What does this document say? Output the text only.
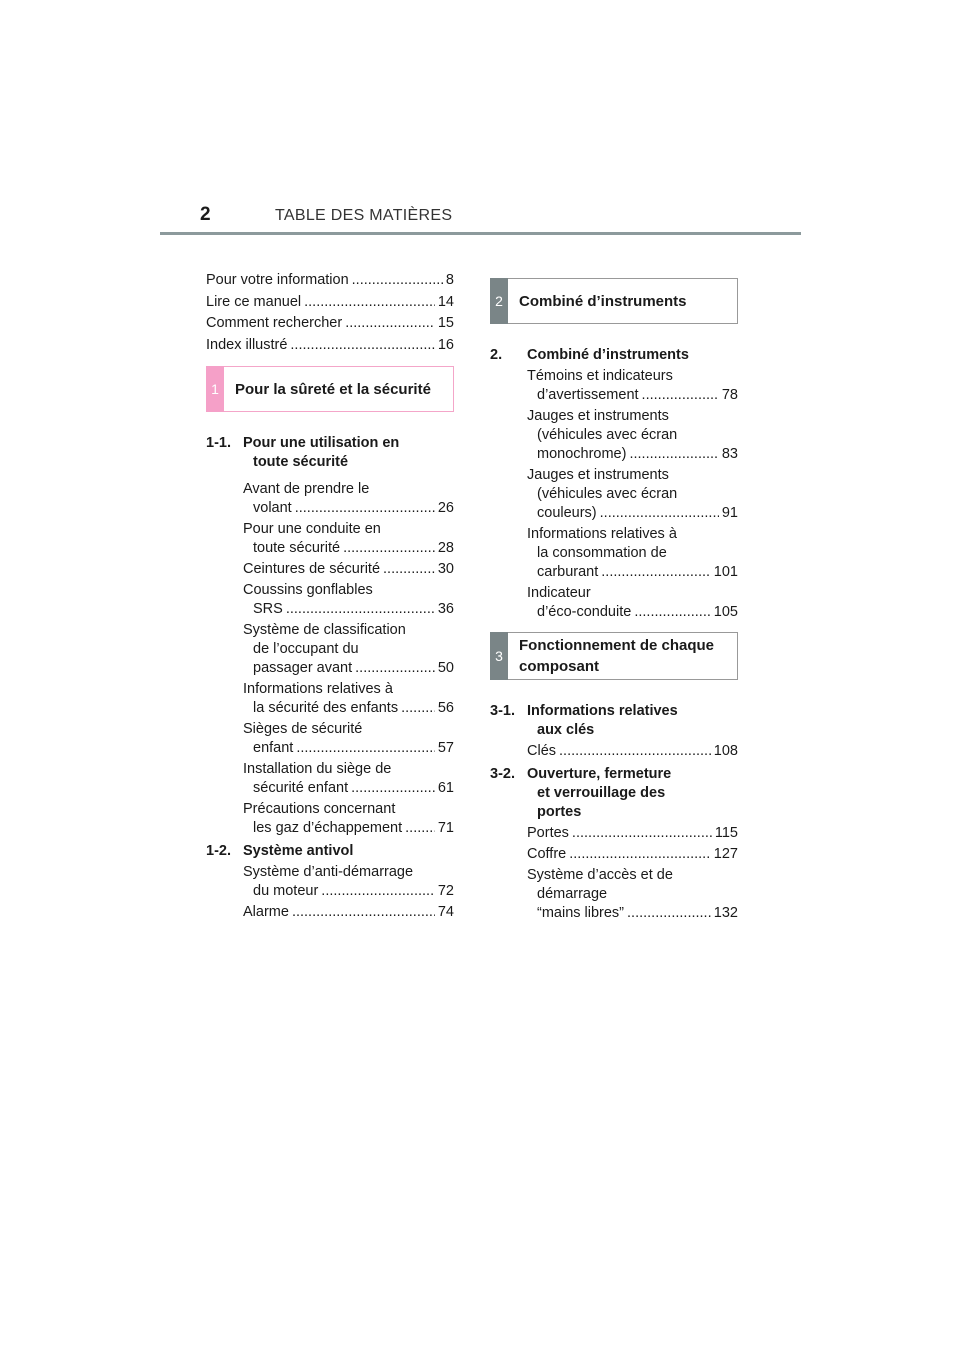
2	TABLE DES MATIÈRES
Pour votre information .....	8
Lire ce manuel .....	14
Comment rechercher .....	15
Index illustré .....	16
1	Pour la sûreté et la sécurité
1-1. Pour une utilisation en
toute sécurité
Avant de prendre le
volant .....	26
Pour une conduite en
toute sécurité .....	28
Ceintures de sécurité .....	30
Coussins gonflables
SRS .....	36
Système de classification
de l’occupant du
passager avant .....	50
Informations relatives à
la sécurité des enfants .....	56
Sièges de sécurité
enfant .....	57
Installation du siège de
sécurité enfant .....	61
Précautions concernant
les gaz d’échappement ..... 71
1-2. Système antivol
Système d’anti-démarrage
du moteur .....	72
Alarme .....	74
2	Combiné d’instruments
2.	Combiné d’instruments
Témoins et indicateurs
d’avertissement .....	78
Jauges et instruments
(véhicules avec écran
monochrome) .....	83
Jauges et instruments
(véhicules avec écran
couleurs) .....	91
Informations relatives à
la consommation de
carburant .....	101
Indicateur
d’éco-conduite .....	105
3
Fonctionnement de chaque
composant
3-1. Informations relatives
aux clés
Clés .....	108
3-2. Ouverture, fermeture
et verrouillage des
portes
Portes .....	115
Coffre .....	127
Système d’accès et de
démarrage
“mains libres” .....	132
